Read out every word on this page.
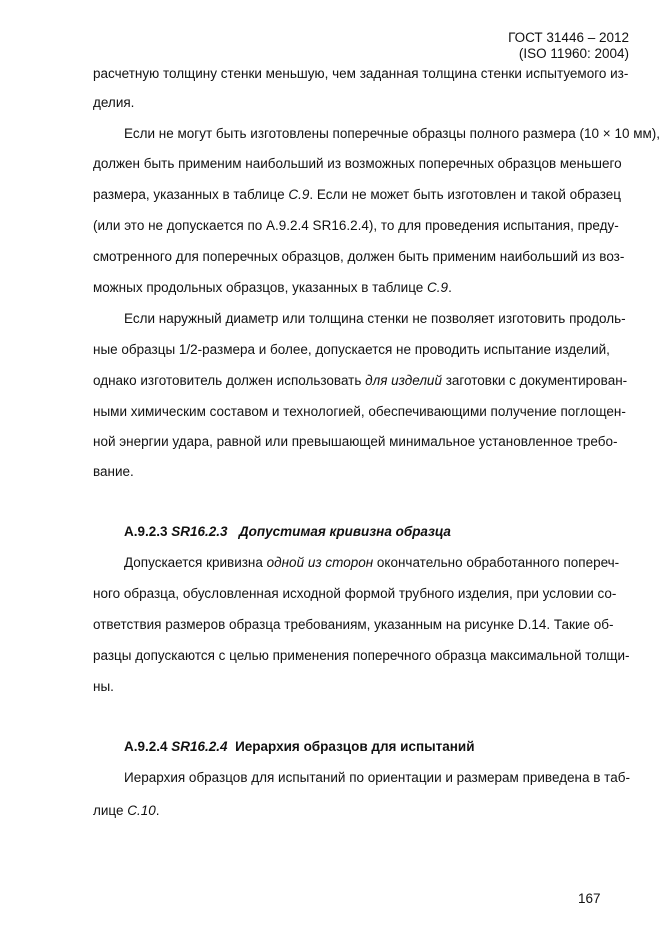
ГОСТ 31446 – 2012
(ISO 11960: 2004)
расчетную толщину стенки меньшую, чем заданная толщина стенки испытуемого из-
делия.
Если не могут быть изготовлены поперечные образцы полного размера (10 × 10 мм),
должен быть применим наибольший из возможных поперечных образцов меньшего
размера, указанных в таблице С.9. Если не может быть изготовлен и такой образец
(или это не допускается по А.9.2.4 SR16.2.4), то для проведения испытания, преду-
смотренного для поперечных образцов, должен быть применим наибольший из воз-
можных продольных образцов, указанных в таблице С.9.
Если наружный диаметр или толщина стенки не позволяет изготовить продоль-
ные образцы 1/2-размера и более, допускается не проводить испытание изделий,
однако изготовитель должен использовать для изделий заготовки с документирован-
ными химическим составом и технологией, обеспечивающими получение поглощен-
ной энергии удара, равной или превышающей минимальное установленное требо-
вание.
А.9.2.3 SR16.2.3 Допустимая кривизна образца
Допускается кривизна одной из сторон окончательно обработанного попереч-
ного образца, обусловленная исходной формой трубного изделия, при условии со-
ответствия размеров образца требованиям, указанным на рисунке D.14. Такие об-
разцы допускаются с целью применения поперечного образца максимальной толщи-
ны.
А.9.2.4 SR16.2.4 Иерархия образцов для испытаний
Иерархия образцов для испытаний по ориентации и размерам приведена в таб-
лице С.10.
167
